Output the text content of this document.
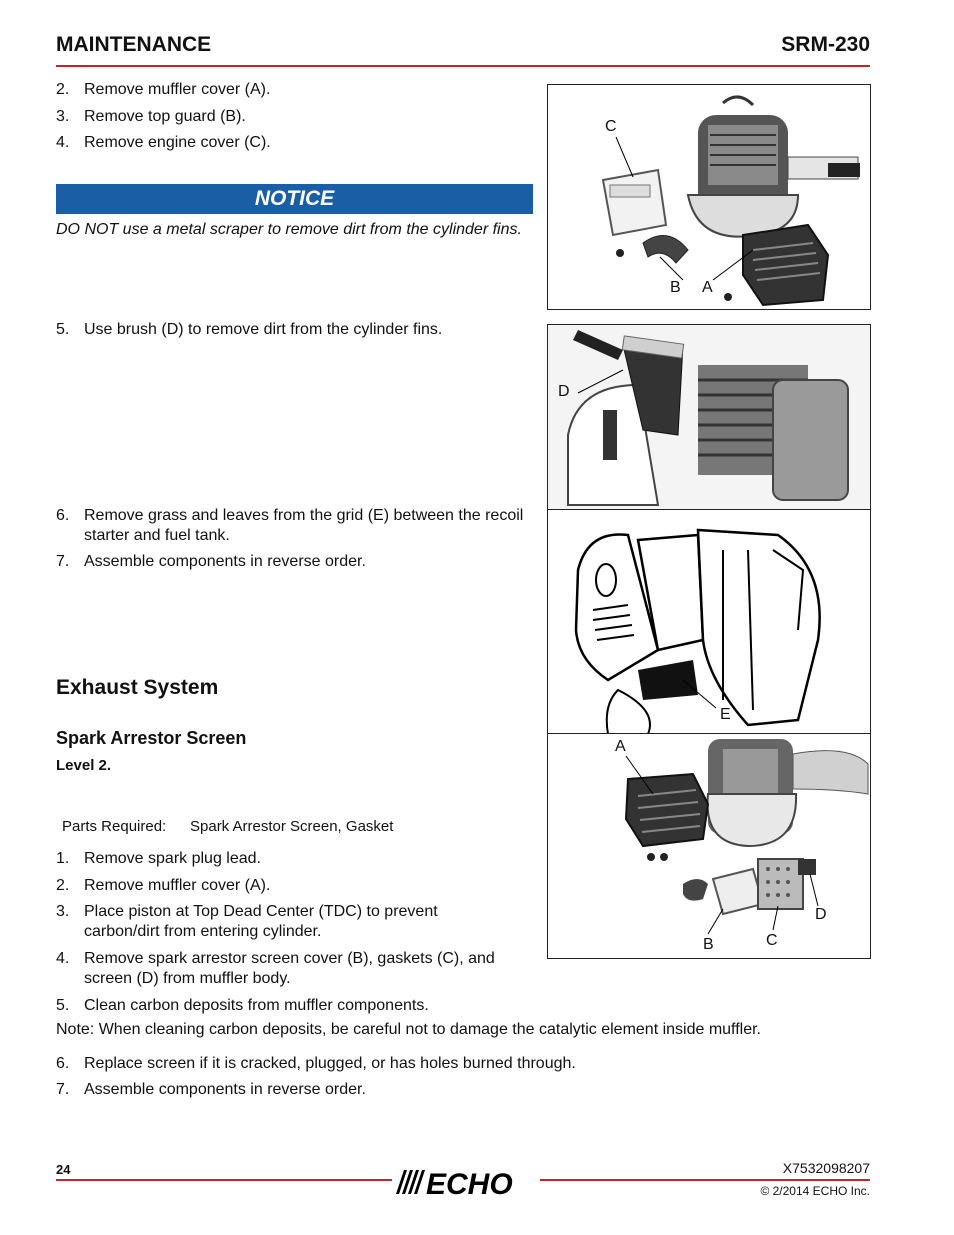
MAINTENANCE	SRM-230
2. Remove muffler cover (A).
3. Remove top guard (B).
4. Remove engine cover (C).
NOTICE
DO NOT use a metal scraper to remove dirt from the cylinder fins.
C
B A
5. Use brush (D) to remove dirt from the cylinder fins.
D
6. Remove grass and leaves from the grid (E) between the recoil starter and fuel tank.
7. Assemble components in reverse order.
E
Exhaust System
Spark Arrestor Screen
Level 2.
Parts Required: Spark Arrestor Screen, Gasket
A
B	C
D
1. Remove spark plug lead.
2. Remove muffler cover (A).
3. Place piston at Top Dead Center (TDC) to prevent carbon/dirt from entering cylinder.
4. Remove spark arrestor screen cover (B), gaskets (C), and screen (D) from muffler body.
5. Clean carbon deposits from muffler components.
Note: When cleaning carbon deposits, be careful not to damage the catalytic element inside muffler.
6. Replace screen if it is cracked, plugged, or has holes burned through.
7. Assemble components in reverse order.
24	X7532098207
© 2/2014 ECHO Inc.
ECHO
